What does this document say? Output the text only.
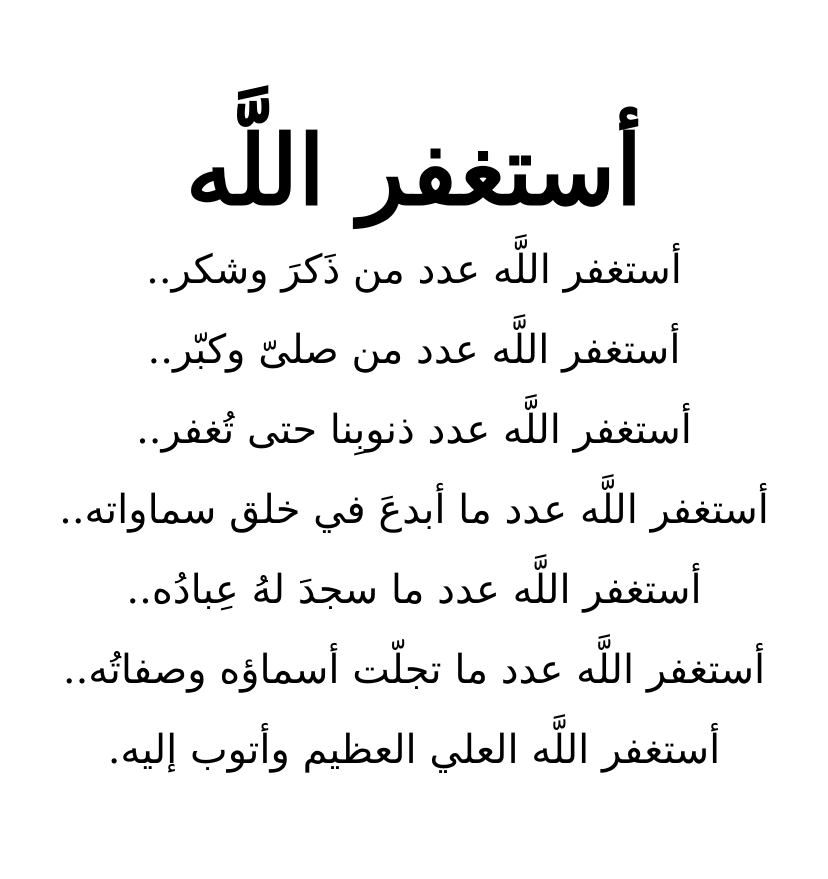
أستغفر اللَّه
أستغفر اللَّه عدد من ذَكرَ وشكر..
أستغفر اللَّه عدد من صلىّ وكبّر..
أستغفر اللَّه عدد ذنوبِنا حتى تُغفر..
أستغفر اللَّه عدد ما أبدعَ في خلق سماواته..
أستغفر اللَّه عدد ما سجدَ لهُ عِبادُه..
أستغفر اللَّه عدد ما تجلّت أسماؤه وصفاتُه..
أستغفر اللَّه العلي العظيم وأتوب إليه.
